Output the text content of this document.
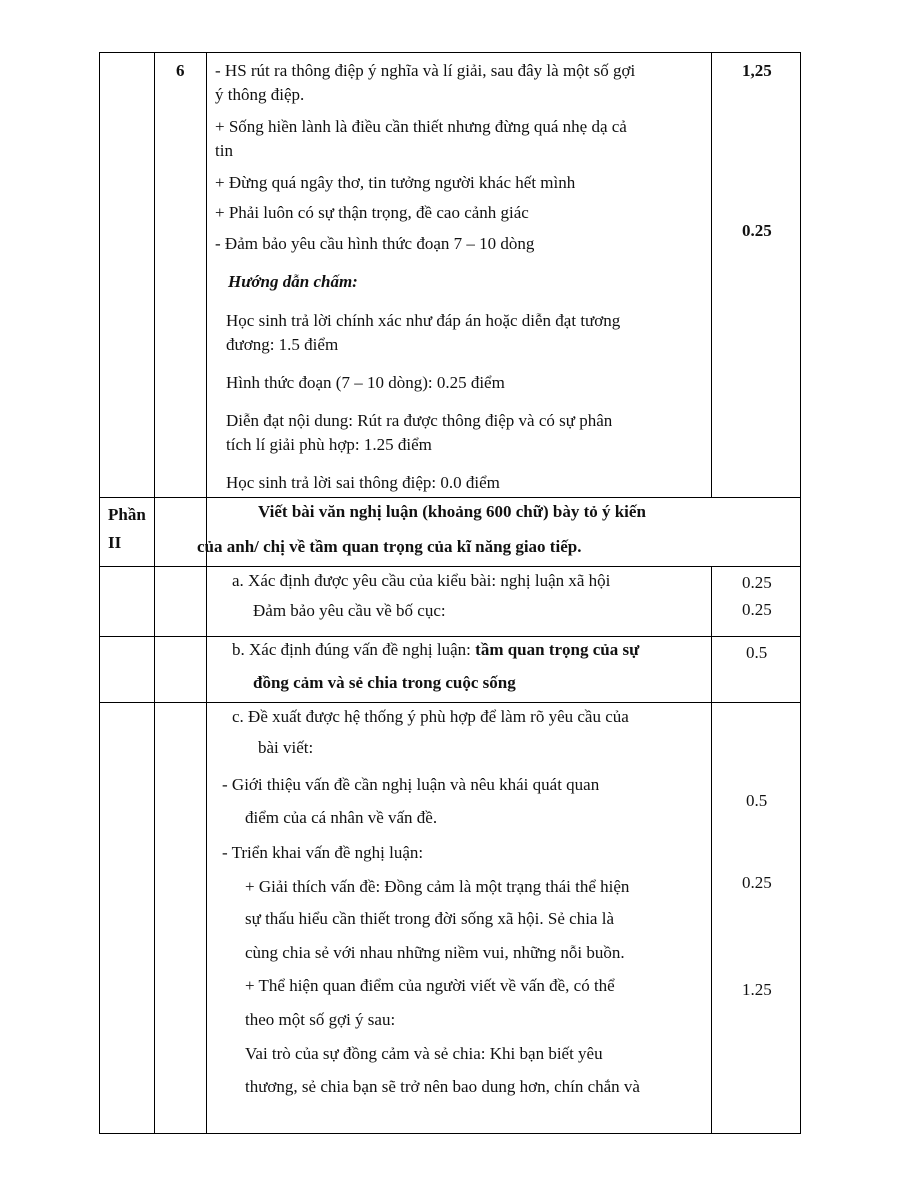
6 - HS rút ra thông điệp ý nghĩa và lí giải, sau đây là một số gợi
ý thông điệp.
+ Sống hiền lành là điều cần thiết nhưng đừng quá nhẹ dạ cả
tin
+ Đừng quá ngây thơ, tin tưởng người khác hết mình
+ Phải luôn có sự thận trọng, đề cao cảnh giác
- Đảm bảo yêu cầu hình thức đoạn 7 – 10 dòng
Hướng dẫn chấm:
Học sinh trả lời chính xác như đáp án hoặc diễn đạt tương
đương: 1.5 điểm
Hình thức đoạn (7 – 10 dòng): 0.25 điểm
Diễn đạt nội dung: Rút ra được thông điệp và có sự phân
tích lí giải phù hợp: 1.25 điểm
Học sinh trả lời sai thông điệp: 0.0 điểm
1,25
0.25
Phần
II
Viết bài văn nghị luận (khoảng 600 chữ) bày tỏ ý kiến
của anh/ chị về tầm quan trọng của kĩ năng giao tiếp.
a. Xác định được yêu cầu của kiểu bài: nghị luận xã hội
Đảm bảo yêu cầu về bố cục:
0.25
0.25
b. Xác định đúng vấn đề nghị luận: tầm quan trọng của sự
đồng cảm và sẻ chia trong cuộc sống
0.5
c. Đề xuất được hệ thống ý phù hợp để làm rõ yêu cầu của
bài viết:
- Giới thiệu vấn đề cần nghị luận và nêu khái quát quan
điểm của cá nhân về vấn đề.
- Triển khai vấn đề nghị luận:
+ Giải thích vấn đề: Đồng cảm là một trạng thái thể hiện
sự thấu hiểu cần thiết trong đời sống xã hội. Sẻ chia là
cùng chia sẻ với nhau những niềm vui, những nỗi buồn.
+ Thể hiện quan điểm của người viết về vấn đề, có thể
theo một số gợi ý sau:
Vai trò của sự đồng cảm và sẻ chia: Khi bạn biết yêu
thương, sẻ chia bạn sẽ trở nên bao dung hơn, chín chắn và
0.5
0.25
1.25
